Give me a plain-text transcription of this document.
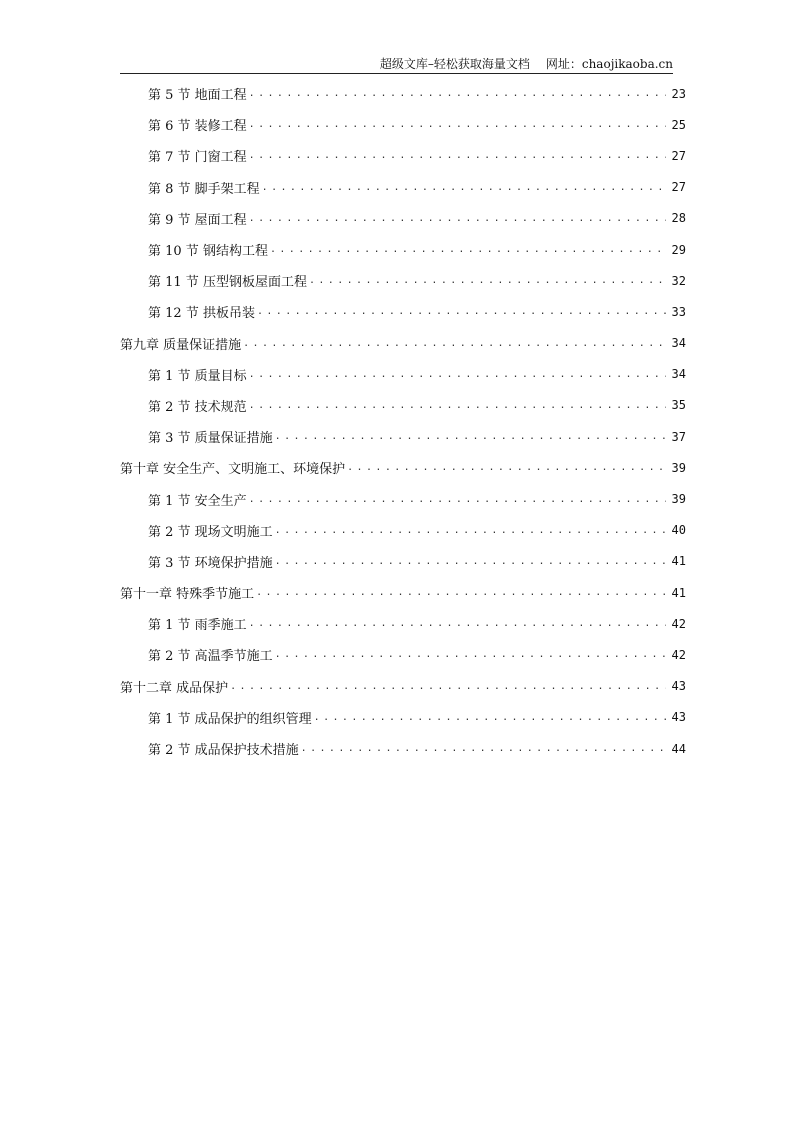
超级文库–轻松获取海量文档 网址：chaojikaoba.cn
第 5 节 地面工程 .....	23
第 6 节 装修工程 .....	25
第 7 节 门窗工程 .....	27
第 8 节 脚手架工程 .....	27
第 9 节 屋面工程 .....	28
第 10 节 钢结构工程 .....	29
第 11 节 压型钢板屋面工程 .....	32
第 12 节 拱板吊装 .....	33
第九章 质量保证措施 .....	34
第 1 节 质量目标 .....	34
第 2 节 技术规范 .....	35
第 3 节 质量保证措施 .....	37
第十章 安全生产、文明施工、环境保护 .....	39
第 1 节 安全生产 .....	39
第 2 节 现场文明施工 .....	40
第 3 节 环境保护措施 .....	41
第十一章 特殊季节施工 .....	41
第 1 节 雨季施工 .....	42
第 2 节 高温季节施工 .....	42
第十二章 成品保护 .....	43
第 1 节 成品保护的组织管理 .....	43
第 2 节 成品保护技术措施 .....	44
